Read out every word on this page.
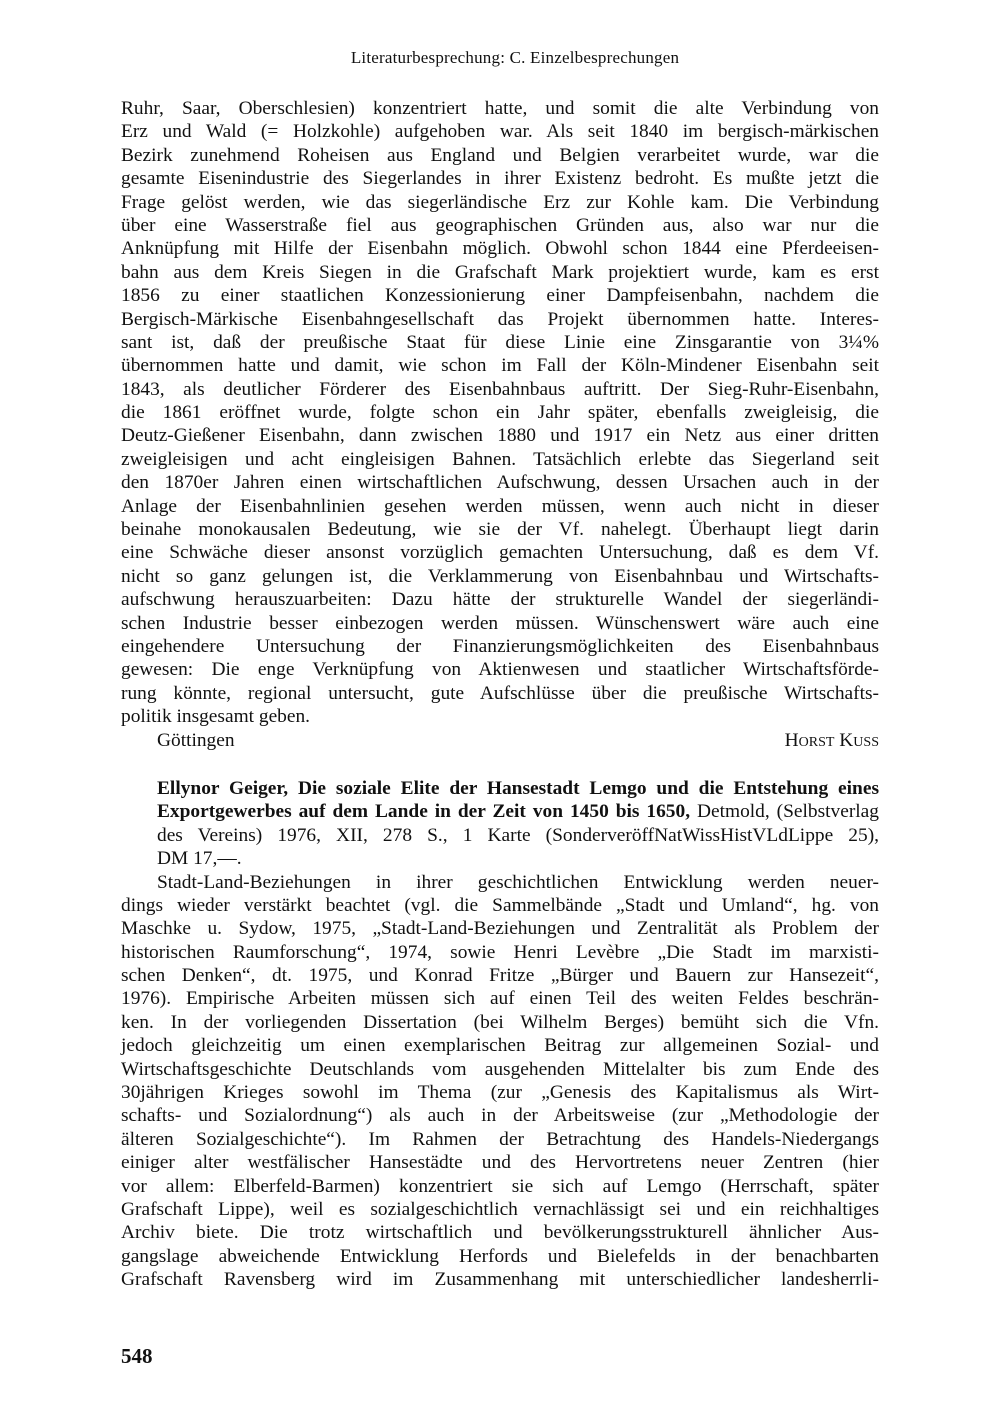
Literaturbesprechung: C. Einzelbesprechungen
Ruhr, Saar, Oberschlesien) konzentriert hatte, und somit die alte Verbindung von
Erz und Wald (= Holzkohle) aufgehoben war. Als seit 1840 im bergisch-märkischen
Bezirk zunehmend Roheisen aus England und Belgien verarbeitet wurde, war die
gesamte Eisenindustrie des Siegerlandes in ihrer Existenz bedroht. Es mußte jetzt die
Frage gelöst werden, wie das siegerländische Erz zur Kohle kam. Die Verbindung
über eine Wasserstraße fiel aus geographischen Gründen aus, also war nur die
Anknüpfung mit Hilfe der Eisenbahn möglich. Obwohl schon 1844 eine Pferdeeisen-
bahn aus dem Kreis Siegen in die Grafschaft Mark projektiert wurde, kam es erst
1856 zu einer staatlichen Konzessionierung einer Dampfeisenbahn, nachdem die
Bergisch-Märkische Eisenbahngesellschaft das Projekt übernommen hatte. Interes-
sant ist, daß der preußische Staat für diese Linie eine Zinsgarantie von 3¼%
übernommen hatte und damit, wie schon im Fall der Köln-Mindener Eisenbahn seit
1843, als deutlicher Förderer des Eisenbahnbaus auftritt. Der Sieg-Ruhr-Eisenbahn,
die 1861 eröffnet wurde, folgte schon ein Jahr später, ebenfalls zweigleisig, die
Deutz-Gießener Eisenbahn, dann zwischen 1880 und 1917 ein Netz aus einer dritten
zweigleisigen und acht eingleisigen Bahnen. Tatsächlich erlebte das Siegerland seit
den 1870er Jahren einen wirtschaftlichen Aufschwung, dessen Ursachen auch in der
Anlage der Eisenbahnlinien gesehen werden müssen, wenn auch nicht in dieser
beinahe monokausalen Bedeutung, wie sie der Vf. nahelegt. Überhaupt liegt darin
eine Schwäche dieser ansonst vorzüglich gemachten Untersuchung, daß es dem Vf.
nicht so ganz gelungen ist, die Verklammerung von Eisenbahnbau und Wirtschafts-
aufschwung herauszuarbeiten: Dazu hätte der strukturelle Wandel der siegerländi-
schen Industrie besser einbezogen werden müssen. Wünschenswert wäre auch eine
eingehendere Untersuchung der Finanzierungsmöglichkeiten des Eisenbahnbaus
gewesen: Die enge Verknüpfung von Aktienwesen und staatlicher Wirtschaftsförde-
rung könnte, regional untersucht, gute Aufschlüsse über die preußische Wirtschafts-
politik insgesamt geben.
Göttingen	Horst Kuss
Ellynor Geiger, Die soziale Elite der Hansestadt Lemgo und die Entstehung eines
Exportgewerbes auf dem Lande in der Zeit von 1450 bis 1650, Detmold, (Selbstverlag
des Vereins) 1976, XII, 278 S., 1 Karte (SonderveröffNatWissHistVLdLippe 25),
DM 17,—.
Stadt-Land-Beziehungen in ihrer geschichtlichen Entwicklung werden neuer-
dings wieder verstärkt beachtet (vgl. die Sammelbände „Stadt und Umland“, hg. von
Maschke u. Sydow, 1975, „Stadt-Land-Beziehungen und Zentralität als Problem der
historischen Raumforschung“, 1974, sowie Henri Levèbre „Die Stadt im marxisti-
schen Denken“, dt. 1975, und Konrad Fritze „Bürger und Bauern zur Hansezeit“,
1976). Empirische Arbeiten müssen sich auf einen Teil des weiten Feldes beschrän-
ken. In der vorliegenden Dissertation (bei Wilhelm Berges) bemüht sich die Vfn.
jedoch gleichzeitig um einen exemplarischen Beitrag zur allgemeinen Sozial- und
Wirtschaftsgeschichte Deutschlands vom ausgehenden Mittelalter bis zum Ende des
30jährigen Krieges sowohl im Thema (zur „Genesis des Kapitalismus als Wirt-
schafts- und Sozialordnung“) als auch in der Arbeitsweise (zur „Methodologie der
älteren Sozialgeschichte“). Im Rahmen der Betrachtung des Handels-Niedergangs
einiger alter westfälischer Hansestädte und des Hervortretens neuer Zentren (hier
vor allem: Elberfeld-Barmen) konzentriert sie sich auf Lemgo (Herrschaft, später
Grafschaft Lippe), weil es sozialgeschichtlich vernachlässigt sei und ein reichhaltiges
Archiv biete. Die trotz wirtschaftlich und bevölkerungsstrukturell ähnlicher Aus-
gangslage abweichende Entwicklung Herfords und Bielefelds in der benachbarten
Grafschaft Ravensberg wird im Zusammenhang mit unterschiedlicher landesherrli-
548
